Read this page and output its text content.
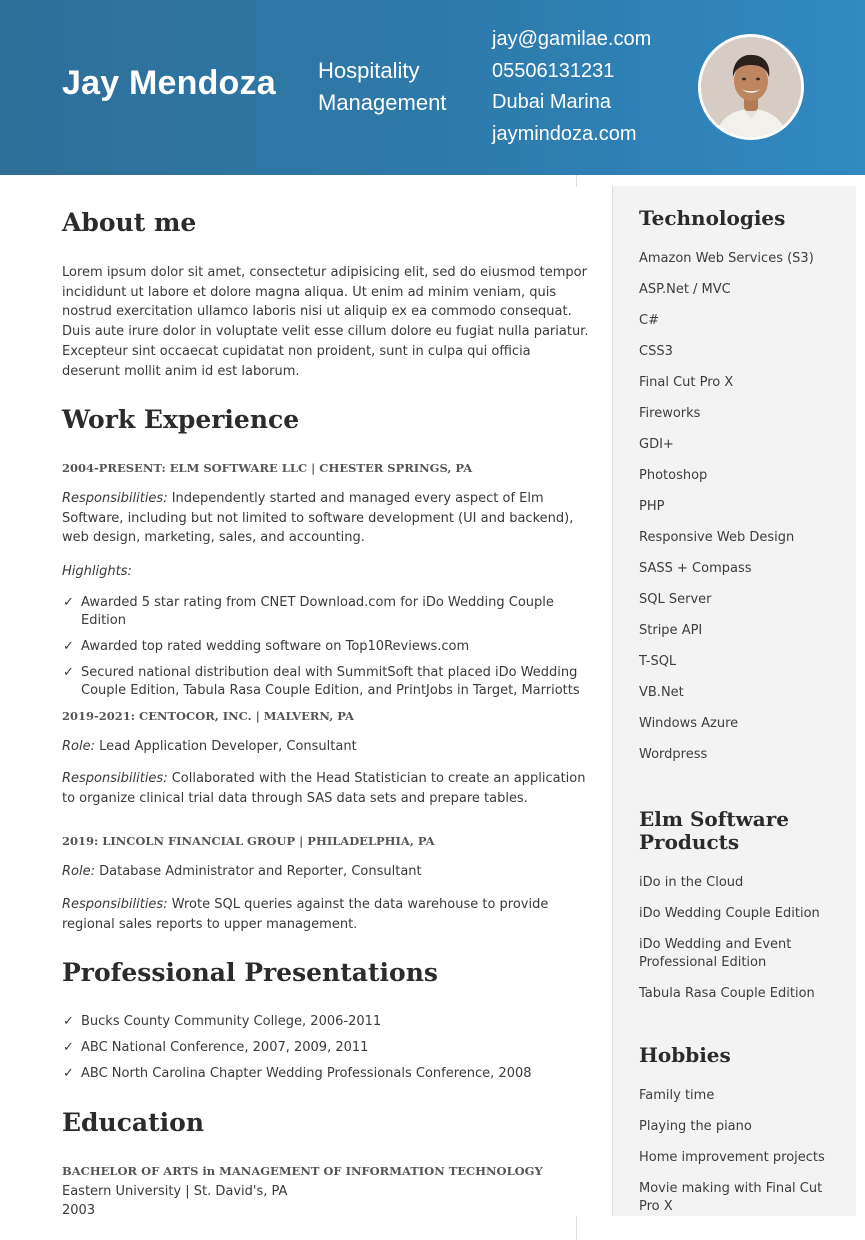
Jay Mendoza Hospitality
Management
jay@gamilae.com
05506131231
Dubai Marina
jaymindoza.com
About me

Lorem ipsum dolor sit amet, consectetur adipisicing elit, sed do eiusmod tempor incididunt ut labore et dolore magna aliqua. Ut enim ad minim veniam, quis nostrud exercitation ullamco laboris nisi ut aliquip ex ea commodo consequat. Duis aute irure dolor in voluptate velit esse cillum dolore eu fugiat nulla pariatur. Excepteur sint occaecat cupidatat non proident, sunt in culpa qui officia deserunt mollit anim id est laborum.

Work Experience

2004-PRESENT: ELM SOFTWARE LLC | CHESTER SPRINGS, PA

Responsibilities: Independently started and managed every aspect of Elm Software, including but not limited to software development (UI and backend), web design, marketing, sales, and accounting.

Highlights:

✓ Awarded 5 star rating from CNET Download.com for iDo Wedding Couple Edition
✓ Awarded top rated wedding software on Top10Reviews.com
✓ Secured national distribution deal with SummitSoft that placed iDo Wedding Couple Edition, Tabula Rasa Couple Edition, and PrintJobs in Target, Marriotts

2019-2021: CENTOCOR, INC. | MALVERN, PA

Role: Lead Application Developer, Consultant

Responsibilities: Collaborated with the Head Statistician to create an application to organize clinical trial data through SAS data sets and prepare tables.

2019: LINCOLN FINANCIAL GROUP | PHILADELPHIA, PA

Role: Database Administrator and Reporter, Consultant

Responsibilities: Wrote SQL queries against the data warehouse to provide regional sales reports to upper management.

Professional Presentations
✓ Bucks County Community College, 2006-2011
✓ ABC National Conference, 2007, 2009, 2011
✓ ABC North Carolina Chapter Wedding Professionals Conference, 2008
Education

BACHELOR OF ARTS in MANAGEMENT OF INFORMATION TECHNOLOGY

Eastern University | St. David's, PA

2003

Technologies
Amazon Web Services (S3)
ASP.Net / MVC
C#
CSS3
Final Cut Pro X
Fireworks
GDI+
Photoshop
PHP
Responsive Web Design
SASS + Compass
SQL Server
Stripe API
T-SQL
VB.Net
Windows Azure
Wordpress
Elm Software
Products
iDo in the Cloud
iDo Wedding Couple Edition
iDo Wedding and Event Professional Edition
Tabula Rasa Couple Edition
Hobbies
Family time
Playing the piano
Home improvement projects
Movie making with Final Cut Pro X
